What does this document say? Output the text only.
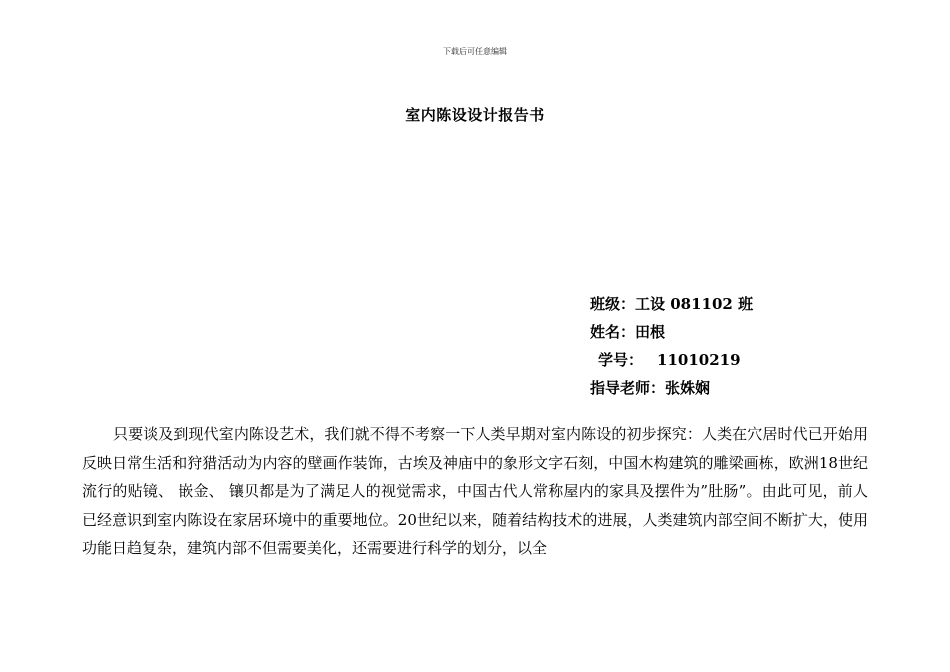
下载后可任意编辑
室内陈设设计报告书
班级：工设 081102 班
姓名：田根
学号： 11010219
指导老师：张姝娴

只要谈及到现代室内陈设艺术，我们就不得不考察一下人类早期对室内陈设的初步探究：人类在穴居时代已开始用反映日常生活和狩猎活动为内容的壁画作装饰，古埃及神庙中的象形文字石刻，中国木构建筑的雕梁画栋，欧洲18世纪流行的贴镜、 嵌金、 镶贝都是为了满足人的视觉需求，中国古代人常称屋内的家具及摆件为”肚肠”。由此可见，前人已经意识到室内陈设在家居环境中的重要地位。20世纪以来，随着结构技术的进展，人类建筑内部空间不断扩大，使用功能日趋复杂，建筑内部不但需要美化，还需要进行科学的划分，以全
